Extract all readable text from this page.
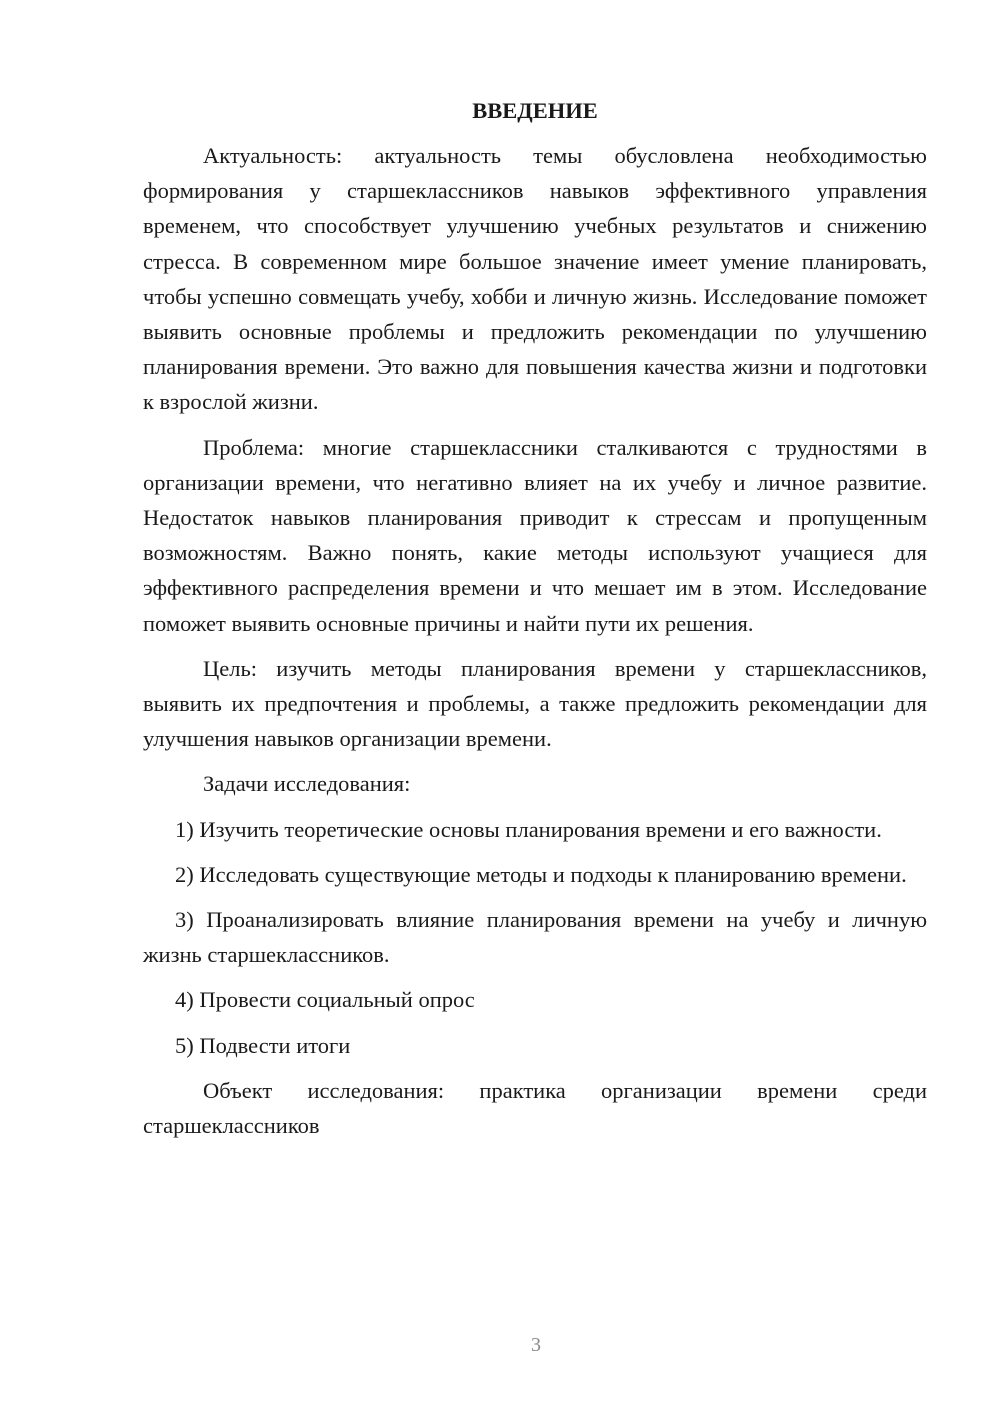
ВВЕДЕНИЕ

Актуальность: актуальность темы обусловлена необходимостью формирования у старшеклассников навыков эффективного управления временем, что способствует улучшению учебных результатов и снижению стресса. В современном мире большое значение имеет умение планировать, чтобы успешно совмещать учебу, хобби и личную жизнь. Исследование поможет выявить основные проблемы и предложить рекомендации по улучшению планирования времени. Это важно для повышения качества жизни и подготовки к взрослой жизни.

Проблема: многие старшеклассники сталкиваются с трудностями в организации времени, что негативно влияет на их учебу и личное развитие. Недостаток навыков планирования приводит к стрессам и пропущенным возможностям. Важно понять, какие методы используют учащиеся для эффективного распределения времени и что мешает им в этом. Исследование поможет выявить основные причины и найти пути их решения.

Цель: изучить методы планирования времени у старшеклассников, выявить их предпочтения и проблемы, а также предложить рекомендации для улучшения навыков организации времени.

Задачи исследования:

1) Изучить теоретические основы планирования времени и его важности.

2) Исследовать существующие методы и подходы к планированию времени.

3) Проанализировать влияние планирования времени на учебу и личную жизнь старшеклассников.

4) Провести социальный опрос

5) Подвести итоги

Объект исследования: практика организации времени среди старшеклассников

3
